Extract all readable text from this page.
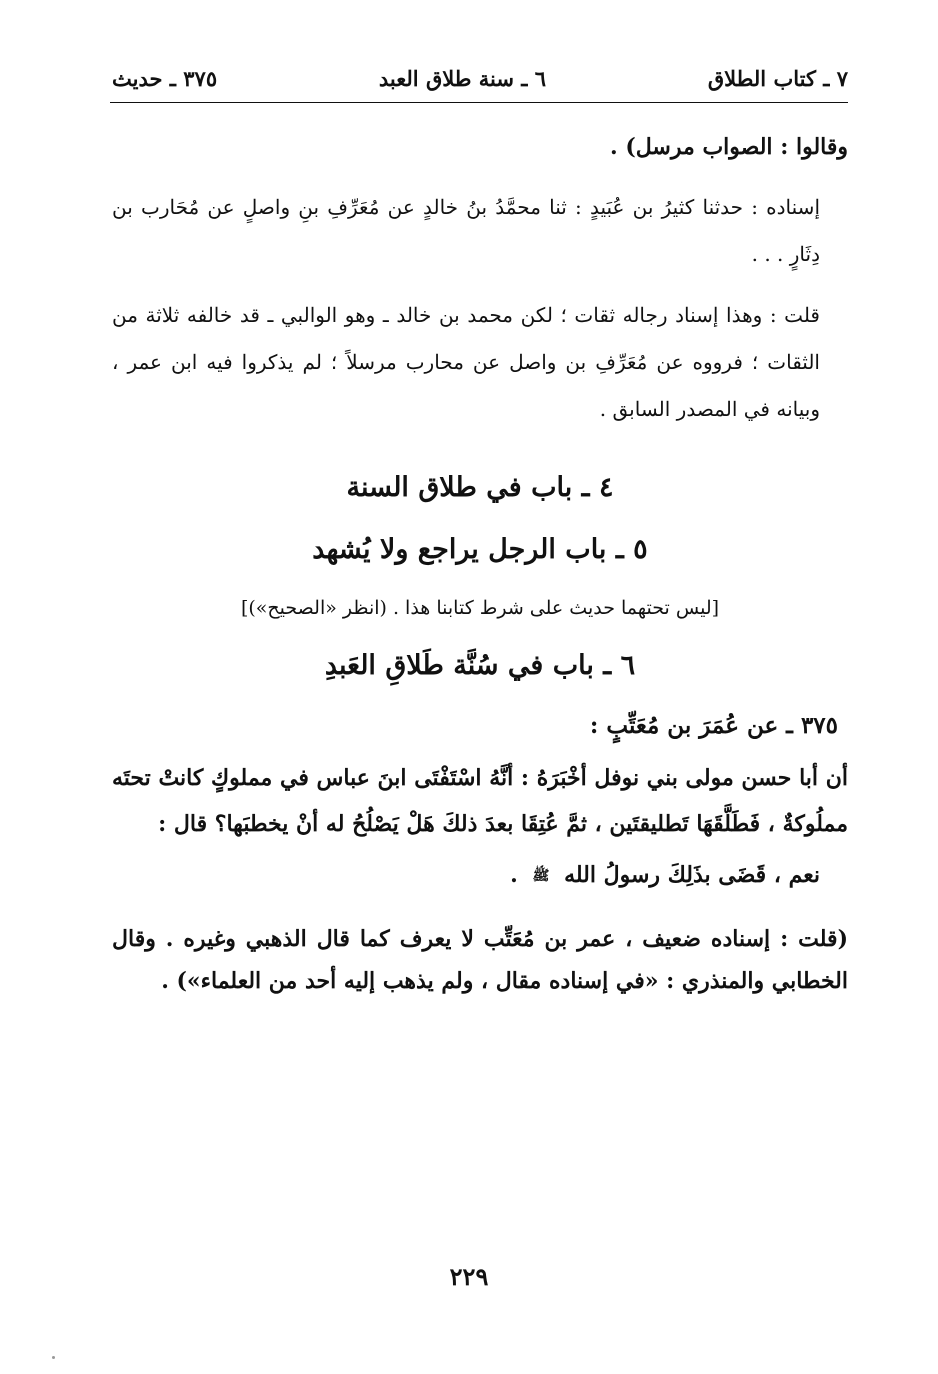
٧ ـ كتاب الطلاق
٦ ـ سنة طلاق العبد
٣٧٥ ـ حديث

وقالوا : الصواب مرسل) .

إسناده : حدثنا كثيرُ بن عُبَيدٍ : ثنا محمَّدُ بنُ خالدٍ عن مُعَرِّفِ بنِ واصلٍ عن مُحَارب بن دِثَارٍ . . .

قلت : وهذا إسناد رجاله ثقات ؛ لكن محمد بن خالد ـ وهو الوالبي ـ قد خالفه ثلاثة من الثقات ؛ فرووه عن مُعَرِّفِ بن واصل عن محارب مرسلاً ؛ لم يذكروا فيه ابن عمر ، وبيانه في المصدر السابق .

٤ ـ باب في طلاق السنة

٥ ـ باب الرجل يراجع ولا يُشهد

[ليس تحتهما حديث على شرط كتابنا هذا . (انظر «الصحيح»)]

٦ ـ باب في سُنَّة طَلاقِ العَبدِ

٣٧٥ ـ عن عُمَرَ بن مُعَتِّبٍ :

أن أبا حسن مولى بني نوفل أخْبَرَهُ : أنَّهُ اسْتَفْتَى ابنَ عباس في مملوكٍ كانتْ تحتَه مملُوكةٌ ، فَطَلَّقَهَا تَطليقتَين ، ثمَّ عُتِقَا بعدَ ذلكَ هَلْ يَصْلُحُ له أنْ يخطبَها؟ قال :

نعم ، قَضَى بذَلِكَ رسولُ الله ﷺ .

(قلت : إسناده ضعيف ، عمر بن مُعَتِّب لا يعرف كما قال الذهبي وغيره . وقال الخطابي والمنذري : «في إسناده مقال ، ولم يذهب إليه أحد من العلماء») .

٢٢٩
